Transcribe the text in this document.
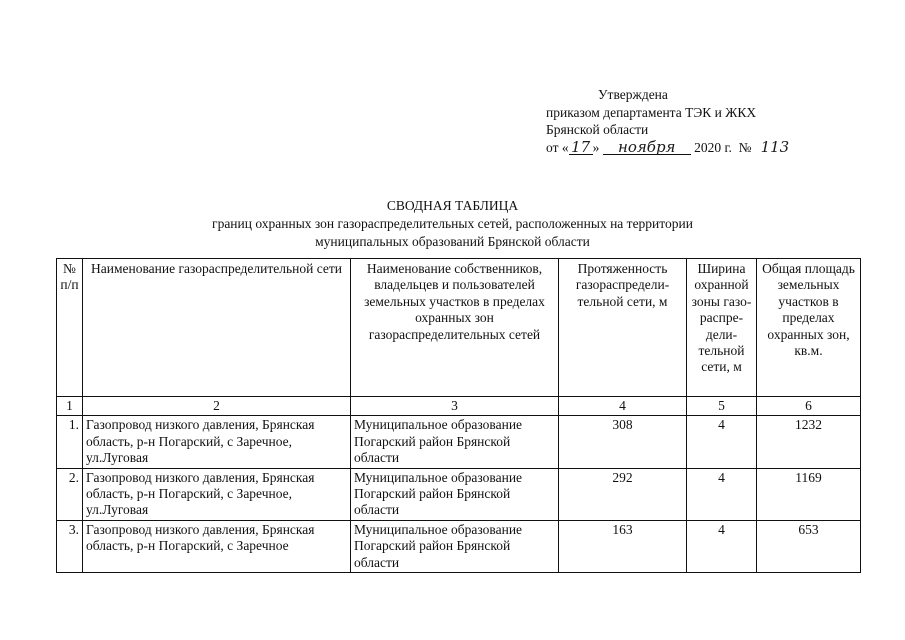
Утверждена
приказом департамента ТЭК и ЖКХ
Брянской области
от « 17 » ноября 2020 г. № 113
СВОДНАЯ ТАБЛИЦА
границ охранных зон газораспределительных сетей, расположенных на территории
муниципальных образований Брянской области
№ п/п	Наименование газораспределительной сети	Наименование собственников, владельцев и пользователей земельных участков в пределах охранных зон газораспределительных сетей	Протяженность газораспредели-тельной сети, м	Ширина охранной зоны газо-распре-дели-тельной сети, м	Общая площадь земельных участков в пределах охранных зон, кв.м.
1	2	3	4	5	6
1.	Газопровод низкого давления, Брянская область, р-н Погарский, с Заречное, ул.Луговая	Муниципальное образование Погарский район Брянской области	308	4	1232
2.	Газопровод низкого давления, Брянская область, р-н Погарский, с Заречное, ул.Луговая	Муниципальное образование Погарский район Брянской области	292	4	1169
3.	Газопровод низкого давления, Брянская область, р-н Погарский, с Заречное	Муниципальное образование Погарский район Брянской области	163	4	653
